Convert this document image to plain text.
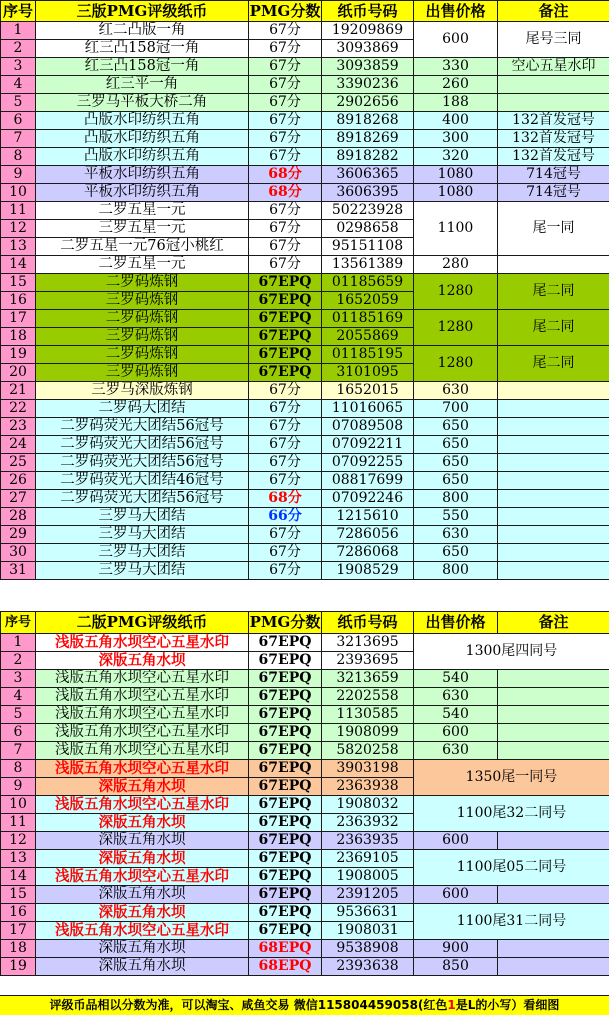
序号	三版PMG评级纸币	PMG分数	纸币号码	出售价格	备注
1	红二凸版一角	67分	19209869	600	尾号三同
2	红三凸158冠一角	67分	3093869		
3	红三凸158冠一角	67分	3093859	330	空心五星水印
4	红三平一角	67分	3390236	260	
5	三罗马平板大桥二角	67分	2902656	188	
6	凸版水印纺织五角	67分	8918268	400	132首发冠号
7	凸版水印纺织五角	67分	8918269	300	132首发冠号
8	凸版水印纺织五角	67分	8918282	320	132首发冠号
9	平板水印纺织五角	68分	3606365	1080	714冠号
10	平板水印纺织五角	68分	3606395	1080	714冠号
11	二罗五星一元	67分	50223928	1100	尾一同
12	三罗五星一元	67分	0298658		
13	二罗五星一元76冠小桃红	67分	95151108		
14	二罗五星一元	67分	13561389	280	
15	二罗码炼钢	67EPQ	01185659	1280	尾二同
16	三罗码炼钢	67EPQ	1652059		
17	二罗码炼钢	67EPQ	01185169	1280	尾二同
18	三罗码炼钢	67EPQ	2055869		
19	二罗码炼钢	67EPQ	01185195	1280	尾二同
20	三罗码炼钢	67EPQ	3101095		
21	三罗马深版炼钢	67分	1652015	630	
22	二罗码大团结	67分	11016065	700	
23	二罗码荧光大团结56冠号	67分	07089508	650	
24	二罗码荧光大团结56冠号	67分	07092211	650	
25	二罗码荧光大团结56冠号	67分	07092255	650	
26	二罗码荧光大团结46冠号	67分	08817699	650	
27	二罗码荧光大团结56冠号	68分	07092246	800	
28	三罗马大团结	66分	1215610	550	
29	三罗马大团结	67分	7286056	630	
30	三罗马大团结	67分	7286068	650	
31	三罗马大团结	67分	1908529	800	
序号	二版PMG评级纸币	PMG分数	纸币号码	出售价格	备注
1	浅版五角水坝空心五星水印	67EPQ	3213695	1300尾四同号	
2	深版五角水坝	67EPQ	2393695		
3	浅版五角水坝空心五星水印	67EPQ	3213659	540	
4	浅版五角水坝空心五星水印	67EPQ	2202558	630	
5	浅版五角水坝空心五星水印	67EPQ	1130585	540	
6	浅版五角水坝空心五星水印	67EPQ	1908099	600	
7	浅版五角水坝空心五星水印	67EPQ	5820258	630	
8	浅版五角水坝空心五星水印	67EPQ	3903198	1350尾一同号	
9	深版五角水坝	67EPQ	2363938		
10	浅版五角水坝空心五星水印	67EPQ	1908032	1100尾32二同号	
11	深版五角水坝	67EPQ	2363932		
12	深版五角水坝	67EPQ	2363935	600	
13	深版五角水坝	67EPQ	2369105	1100尾05二同号	
14	浅版五角水坝空心五星水印	67EPQ	1908005		
15	深版五角水坝	67EPQ	2391205	600	
16	深版五角水坝	67EPQ	9536631	1100尾31二同号	
17	浅版五角水坝空心五星水印	67EPQ	1908031		
18	深版五角水坝	68EPQ	9538908	900	
19	深版五角水坝	68EPQ	2393638	850	
评级币品相以分数为准，可以淘宝、咸鱼交易 微信115804459058(红色1是L的小写）看细图
